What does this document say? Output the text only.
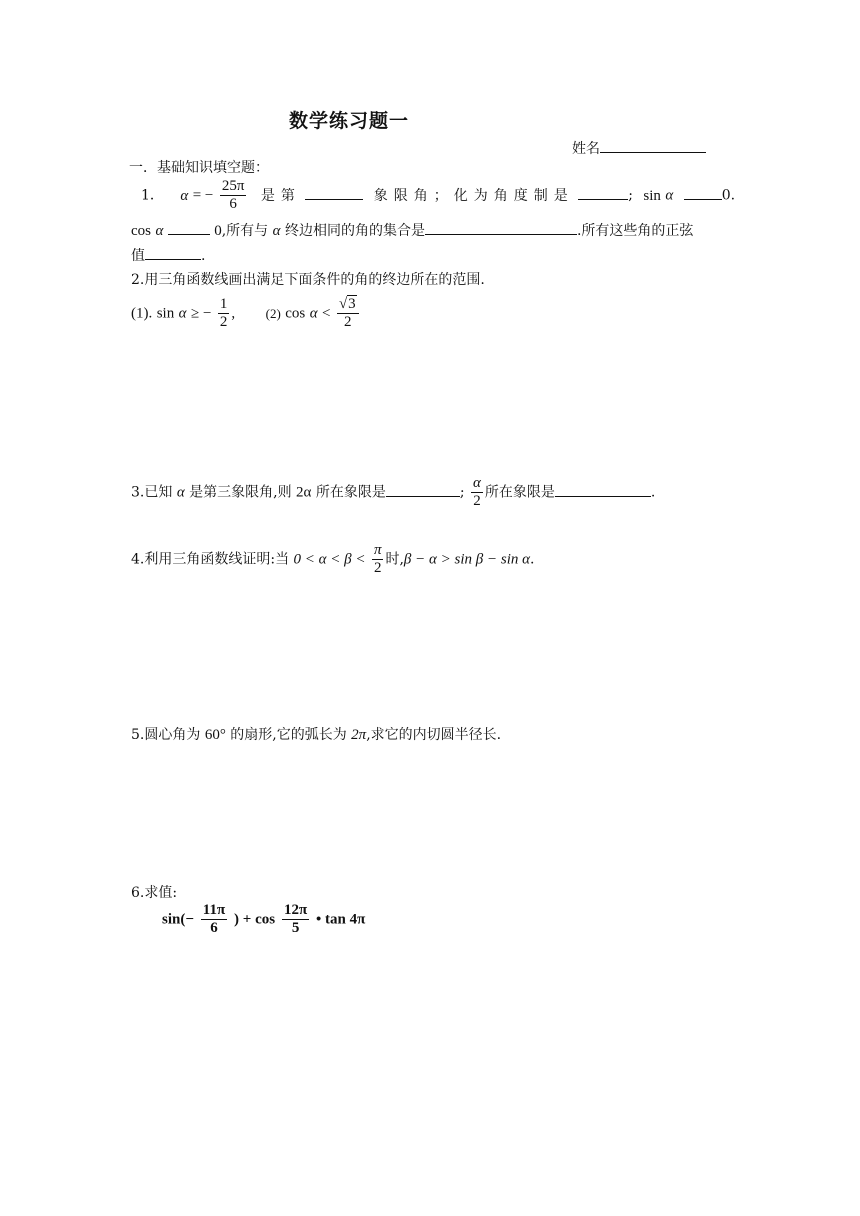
数学练习题一
姓名
一．基础知识填空题：
1． α = − $\frac{25\pi}{6}$ 是第	象限角；化为角度制是	; sin α	0.
cos α	0,所有与 α 终边相同的角的集合是	.所有这些角的正弦
值	.
2.用三角函数线画出满足下面条件的角的终边所在的范围.
(1). sin α ≥ − $\frac{1}{2}$ , (2) $\cos \alpha < \frac{√3}{2}$
3.已知 α 是第三象限角,则 2α 所在象限是	; $\frac{\alpha}{2}$ 所在象限是	.
4.利用三角函数线证明:当 $0 < \alpha < \beta < \frac{\pi}{2}$ 时,β − α > sin β − sin α.
5.圆心角为 60° 的扇形,它的弧长为 2π,求它的内切圆半径长.
6.求值:
$\sin(- \frac{11\pi}{6}$ ) + $\cos \frac{12\pi}{5}$ • tan 4π
